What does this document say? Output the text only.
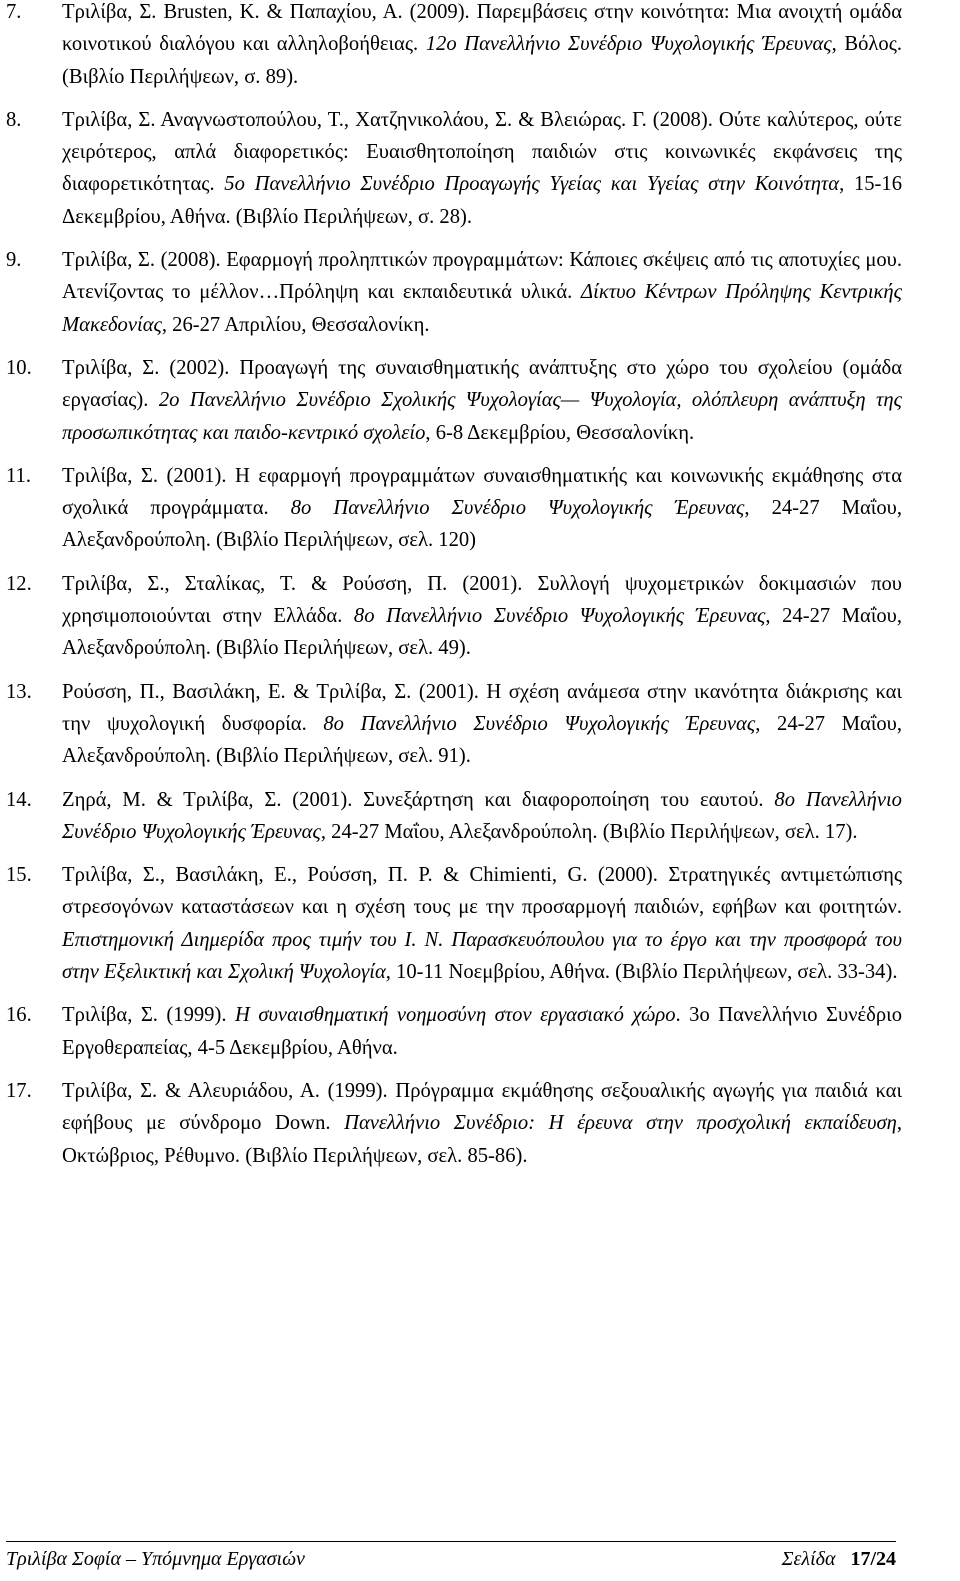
7. Τριλίβα, Σ. Brusten, K. & Παπαχίου, Α. (2009). Παρεμβάσεις στην κοινότητα: Μια ανοιχτή ομάδα κοινοτικού διαλόγου και αλληλοβοήθειας. 12ο Πανελλήνιο Συνέδριο Ψυχολογικής Έρευνας, Βόλος. (Βιβλίο Περιλήψεων, σ. 89).
8. Τριλίβα, Σ. Αναγνωστοπούλου, Τ., Χατζηνικολάου, Σ. & Βλειώρας. Γ. (2008). Ούτε καλύτερος, ούτε χειρότερος, απλά διαφορετικός: Ευαισθητοποίηση παιδιών στις κοινωνικές εκφάνσεις της διαφορετικότητας. 5ο Πανελλήνιο Συνέδριο Προαγωγής Υγείας και Υγείας στην Κοινότητα, 15-16 Δεκεμβρίου, Αθήνα. (Βιβλίο Περιλήψεων, σ. 28).
9. Τριλίβα, Σ. (2008). Εφαρμογή προληπτικών προγραμμάτων: Κάποιες σκέψεις από τις αποτυχίες μου. Ατενίζοντας το μέλλον…Πρόληψη και εκπαιδευτικά υλικά. Δίκτυο Κέντρων Πρόληψης Κεντρικής Μακεδονίας, 26-27 Απριλίου, Θεσσαλονίκη.
10. Τριλίβα, Σ. (2002). Προαγωγή της συναισθηματικής ανάπτυξης στο χώρο του σχολείου (ομάδα εργασίας). 2ο Πανελλήνιο Συνέδριο Σχολικής Ψυχολογίας— Ψυχολογία, ολόπλευρη ανάπτυξη της προσωπικότητας και παιδο-κεντρικό σχολείο, 6-8 Δεκεμβρίου, Θεσσαλονίκη.
11. Τριλίβα, Σ. (2001). Η εφαρμογή προγραμμάτων συναισθηματικής και κοινωνικής εκμάθησης στα σχολικά προγράμματα. 8ο Πανελλήνιο Συνέδριο Ψυχολογικής Έρευνας, 24-27 Μαΐου, Αλεξανδρούπολη. (Βιβλίο Περιλήψεων, σελ. 120)
12. Τριλίβα, Σ., Σταλίκας, Τ. & Ρούσση, Π. (2001). Συλλογή ψυχομετρικών δοκιμασιών που χρησιμοποιούνται στην Ελλάδα. 8ο Πανελλήνιο Συνέδριο Ψυχολογικής Έρευνας, 24-27 Μαΐου, Αλεξανδρούπολη. (Βιβλίο Περιλήψεων, σελ. 49).
13. Ρούσση, Π., Βασιλάκη, Ε. & Τριλίβα, Σ. (2001). Η σχέση ανάμεσα στην ικανότητα διάκρισης και την ψυχολογική δυσφορία. 8ο Πανελλήνιο Συνέδριο Ψυχολογικής Έρευνας, 24-27 Μαΐου, Αλεξανδρούπολη. (Βιβλίο Περιλήψεων, σελ. 91).
14. Ζηρά, Μ. & Τριλίβα, Σ. (2001). Συνεξάρτηση και διαφοροποίηση του εαυτού. 8ο Πανελλήνιο Συνέδριο Ψυχολογικής Έρευνας, 24-27 Μαΐου, Αλεξανδρούπολη. (Βιβλίο Περιλήψεων, σελ. 17).
15. Τριλίβα, Σ., Βασιλάκη, Ε., Ρούσση, Π. Ρ. & Chimienti, G. (2000). Στρατηγικές αντιμετώπισης στρεσογόνων καταστάσεων και η σχέση τους με την προσαρμογή παιδιών, εφήβων και φοιτητών. Επιστημονική Διημερίδα προς τιμήν του Ι. Ν. Παρασκευόπουλου για το έργο και την προσφορά του στην Εξελικτική και Σχολική Ψυχολογία, 10-11 Νοεμβρίου, Αθήνα. (Βιβλίο Περιλήψεων, σελ. 33-34).
16. Τριλίβα, Σ. (1999). Η συναισθηματική νοημοσύνη στον εργασιακό χώρο. 3ο Πανελλήνιο Συνέδριο Εργοθεραπείας, 4-5 Δεκεμβρίου, Αθήνα.
17. Τριλίβα, Σ. & Αλευριάδου, Α. (1999). Πρόγραμμα εκμάθησης σεξουαλικής αγωγής για παιδιά και εφήβους με σύνδρομο Down. Πανελλήνιο Συνέδριο: Η έρευνα στην προσχολική εκπαίδευση, Οκτώβριος, Ρέθυμνο. (Βιβλίο Περιλήψεων, σελ. 85-86).
Τριλίβα Σοφία – Υπόμνημα Εργασιών	Σελίδα 17/24
